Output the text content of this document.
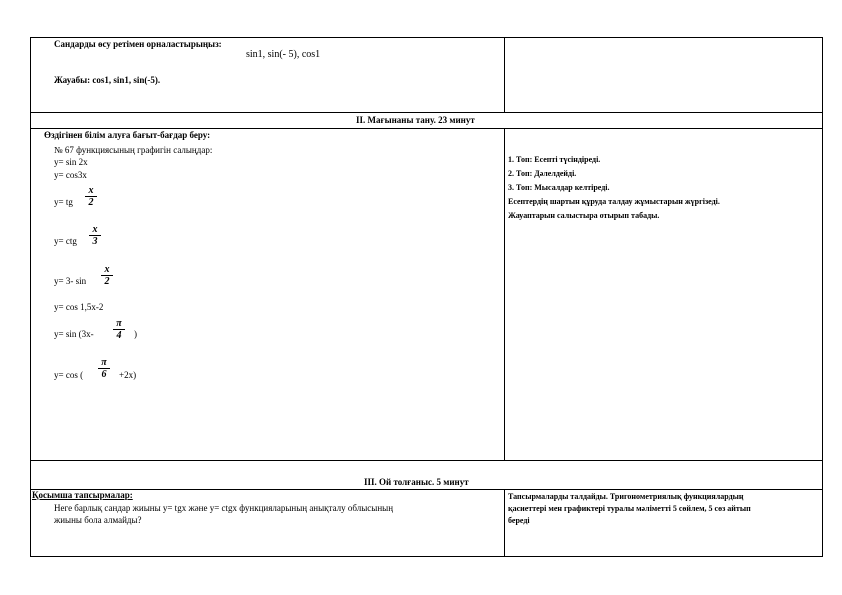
Сандарды өсу ретімен орналастырыңыз:
sin1, sin(- 5), cos1
Жауабы: cos1, sin1, sin(-5).
II. Мағынаны тану. 23 минут
Өздігінен білім алуға бағыт-бағдар беру:
№ 67 функциясының графигін салыңдар:
y= sin 2x
y= cos3x
y= tg
x
2
y= ctg
x
3
y= 3- sin
x
2
y= cos 1,5x-2
y= sin (3x-
π
4	)
y= cos (
π
6	+2x)
1. Топ: Есепті түсіндіреді.
2. Топ: Дәлелдейді.
3. Топ: Мысалдар келтіреді.
Есептердің шартын құруда талдау жұмыстарын жүргізеді.
Жауаптарын салыстыра отырып табады.
III. Ой толғаныс. 5 минут
Қосымша тапсырмалар:
Неге барлық сандар жиыны y= tgx және y= ctgx функцияларының анықталу облысының
жиыны бола алмайды?
Тапсырмаларды талдайды. Тригонометриялық функциялардың
қасиеттері мен графиктері туралы мәліметті 5 сөйлем, 5 сөз айтып
береді
